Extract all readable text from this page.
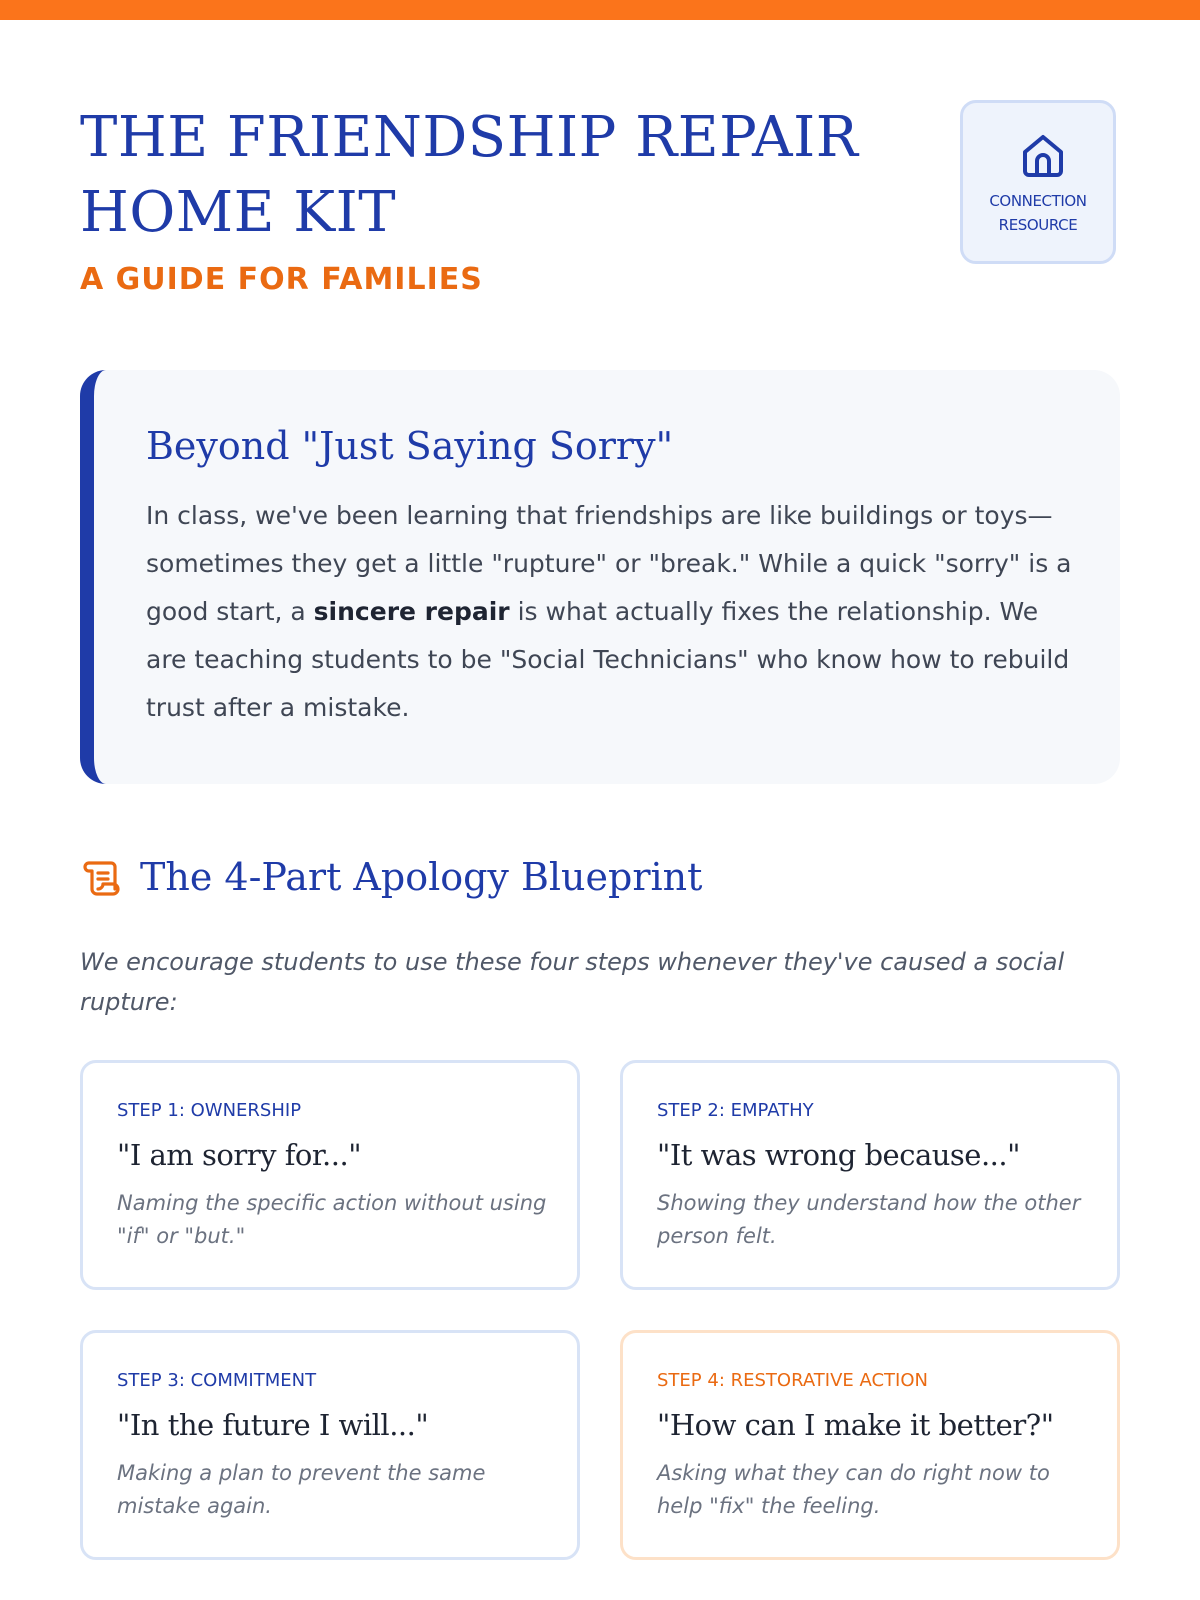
THE FRIENDSHIP REPAIR HOME KIT
A GUIDE FOR FAMILIES
CONNECTION
RESOURCE
Beyond "Just Saying Sorry"

In class, we've been learning that friendships are like buildings or toys—sometimes they get a little "rupture" or "break." While a quick "sorry" is a good start, a sincere repair is what actually fixes the relationship. We are teaching students to be "Social Technicians" who know how to rebuild trust after a mistake.

The 4-Part Apology Blueprint

We encourage students to use these four steps whenever they've caused a social rupture:

STEP 1: OWNERSHIP
"I am sorry for..."
Naming the specific action without using "if" or "but."
STEP 2: EMPATHY
"It was wrong because..."
Showing they understand how the other person felt.
STEP 3: COMMITMENT
"In the future I will..."
Making a plan to prevent the same mistake again.
STEP 4: RESTORATIVE ACTION
"How can I make it better?"
Asking what they can do right now to help "fix" the feeling.
